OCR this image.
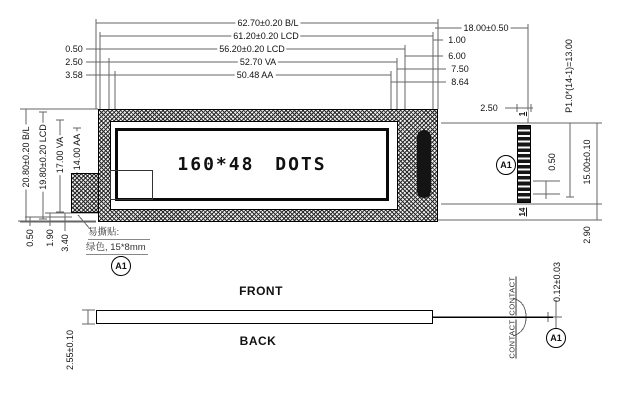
160*48 DOTS
62.70±0.20 B/L
61.20±0.20 LCD
56.20±0.20 LCD
52.70 VA
50.48 AA
18.00±0.50
0.50
2.50
3.58
1.00
6.00
7.50
8.64
20.80±0.20 B/L 19.80±0.20 LCD 17.00 VA 14.00 AA
0.50 1.90 3.40
易撕贴:
绿色, 15*8mm
A1
2.50
1
14
A1	0.50
P1.0*(14-1)=13.00
15.00±0.10
2.90
FRONT
BACK
2.55±0.10
CONTACT
CONTACT
0.12±0.03
A1
